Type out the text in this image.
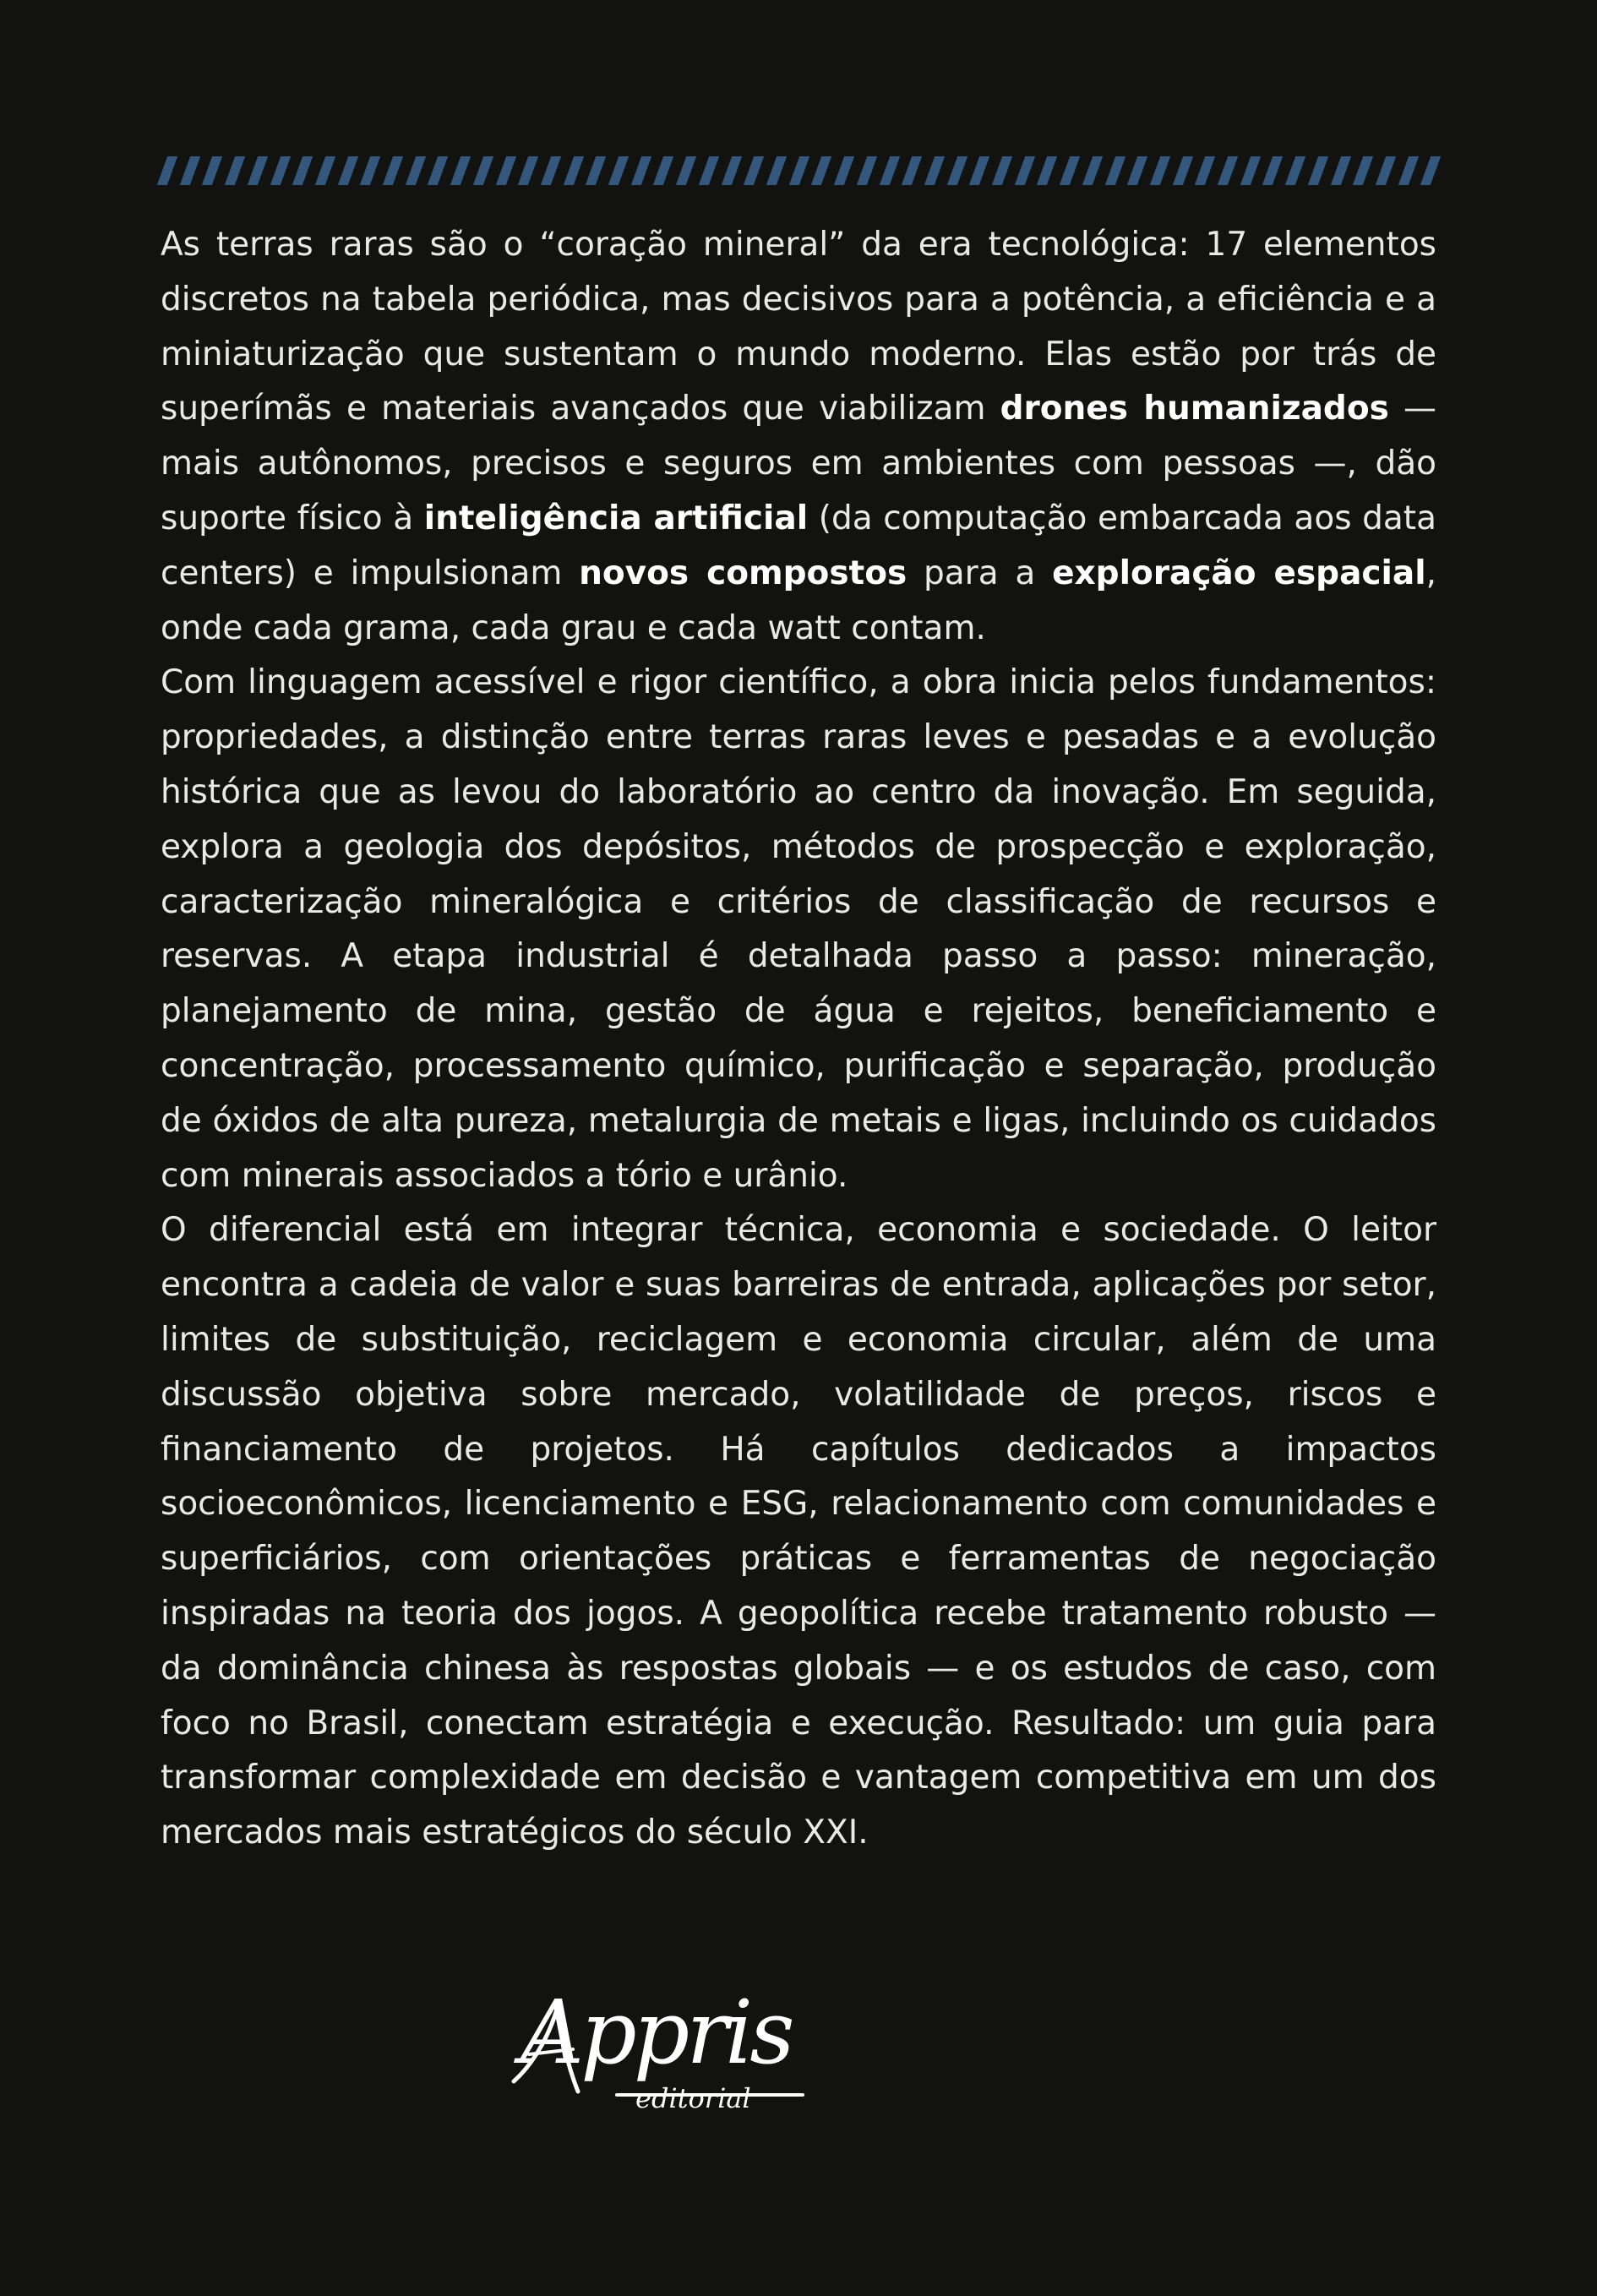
As terras raras são o “coração mineral” da era tecnológica: 17 elementos discretos na tabela periódica, mas decisivos para a potência, a eficiência e a miniaturização que sustentam o mundo moderno. Elas estão por trás de superímãs e materiais avançados que viabilizam drones humanizados — mais autônomos, precisos e seguros em ambientes com pessoas —, dão suporte físico à inteligência artificial (da computação embarcada aos data centers) e impulsionam novos compostos para a exploração espacial, onde cada grama, cada grau e cada watt contam.

Com linguagem acessível e rigor científico, a obra inicia pelos fundamentos: propriedades, a distinção entre terras raras leves e pesadas e a evolução histórica que as levou do laboratório ao centro da inovação. Em seguida, explora a geologia dos depósitos, métodos de prospecção e exploração, caracterização mineralógica e critérios de classificação de recursos e reservas. A etapa industrial é detalhada passo a passo: mineração, planejamento de mina, gestão de água e rejeitos, beneficiamento e concentração, processamento químico, purificação e separação, produção de óxidos de alta pureza, metalurgia de metais e ligas, incluindo os cuidados com minerais associados a tório e urânio.

O diferencial está em integrar técnica, economia e sociedade. O leitor encontra a cadeia de valor e suas barreiras de entrada, aplicações por setor, limites de substituição, reciclagem e economia circular, além de uma discussão objetiva sobre mercado, volatilidade de preços, riscos e financiamento de projetos. Há capítulos dedicados a impactos socioeconômicos, licenciamento e ESG, relacionamento com comunidades e superficiários, com orientações práticas e ferramentas de negociação inspiradas na teoria dos jogos. A geopolítica recebe tratamento robusto — da dominância chinesa às respostas globais — e os estudos de caso, com foco no Brasil, conectam estratégia e execução. Resultado: um guia para transformar complexidade em decisão e vantagem competitiva em um dos mercados mais estratégicos do século XXI.

Appris
editorial
